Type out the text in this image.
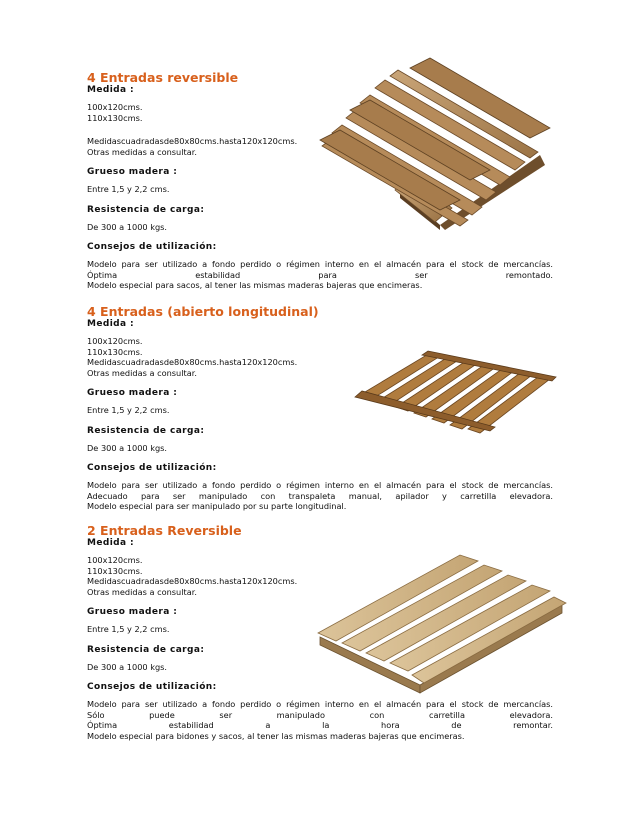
4 Entradas reversible
Medida :
100x120cms.
110x130cms.
Medidascuadradasde80x80cms.hasta120x120cms.
Otras medidas a consultar.
Grueso madera :
Entre 1,5 y 2,2 cms.
Resistencia de carga:
De 300 a 1000 kgs.
Consejos de utilización:
Modelo para ser utilizado a fondo perdido o régimen interno en el almacén para el stock de mercancías.
Óptima estabilidad para ser remontado.
Modelo especial para sacos, al tener las mismas maderas bajeras que encimeras.
4 Entradas (abierto longitudinal)
Medida :
100x120cms.
110x130cms.
Medidascuadradasde80x80cms.hasta120x120cms.
Otras medidas a consultar.
Grueso madera :
Entre 1,5 y 2,2 cms.
Resistencia de carga:
De 300 a 1000 kgs.
Consejos de utilización:
Modelo para ser utilizado a fondo perdido o régimen interno en el almacén para el stock de mercancías.
Adecuado para ser manipulado con transpaleta manual, apilador y carretilla elevadora.
Modelo especial para ser manipulado por su parte longitudinal.
2 Entradas Reversible
Medida :
100x120cms.
110x130cms.
Medidascuadradasde80x80cms.hasta120x120cms.
Otras medidas a consultar.
Grueso madera :
Entre 1,5 y 2,2 cms.
Resistencia de carga:
De 300 a 1000 kgs.
Consejos de utilización:
Modelo para ser utilizado a fondo perdido o régimen interno en el almacén para el stock de mercancías.
Sólo puede ser manipulado con carretilla elevadora.
Óptima estabilidad a la hora de remontar.
Modelo especial para bidones y sacos, al tener las mismas maderas bajeras que encimeras.
